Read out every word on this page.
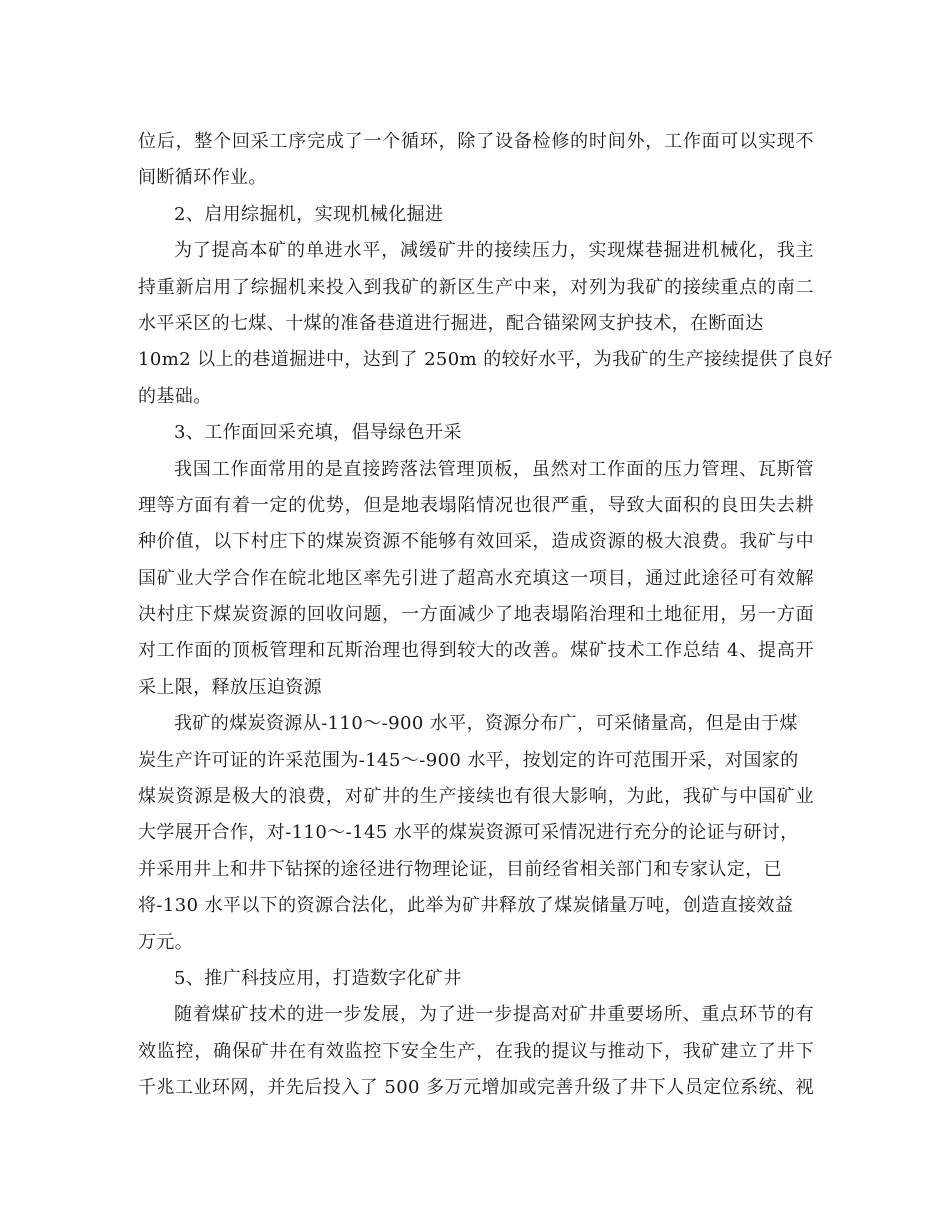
位后，整个回采工序完成了一个循环，除了设备检修的时间外，工作面可以实现不
间断循环作业。
2、启用综掘机，实现机械化掘进
为了提高本矿的单进水平，减缓矿井的接续压力，实现煤巷掘进机械化，我主
持重新启用了综掘机来投入到我矿的新区生产中来，对列为我矿的接续重点的南二
水平采区的七煤、十煤的准备巷道进行掘进，配合锚梁网支护技术，在断面达
10m2 以上的巷道掘进中，达到了 250m 的较好水平，为我矿的生产接续提供了良好
的基础。
3、工作面回采充填，倡导绿色开采
我国工作面常用的是直接跨落法管理顶板，虽然对工作面的压力管理、瓦斯管
理等方面有着一定的优势，但是地表塌陷情况也很严重，导致大面积的良田失去耕
种价值，以下村庄下的煤炭资源不能够有效回采，造成资源的极大浪费。我矿与中
国矿业大学合作在皖北地区率先引进了超高水充填这一项目，通过此途径可有效解
决村庄下煤炭资源的回收问题，一方面减少了地表塌陷治理和土地征用，另一方面
对工作面的顶板管理和瓦斯治理也得到较大的改善。煤矿技术工作总结 4、提高开
采上限，释放压迫资源
我矿的煤炭资源从-110～-900 水平，资源分布广，可采储量高，但是由于煤
炭生产许可证的许采范围为-145～-900 水平，按划定的许可范围开采，对国家的
煤炭资源是极大的浪费，对矿井的生产接续也有很大影响，为此，我矿与中国矿业
大学展开合作，对-110～-145 水平的煤炭资源可采情况进行充分的论证与研讨，
并采用井上和井下钻探的途径进行物理论证，目前经省相关部门和专家认定，已
将-130 水平以下的资源合法化，此举为矿井释放了煤炭储量万吨，创造直接效益
万元。
5、推广科技应用，打造数字化矿井
随着煤矿技术的进一步发展，为了进一步提高对矿井重要场所、重点环节的有
效监控，确保矿井在有效监控下安全生产，在我的提议与推动下，我矿建立了井下
千兆工业环网，并先后投入了 500 多万元增加或完善升级了井下人员定位系统、视
